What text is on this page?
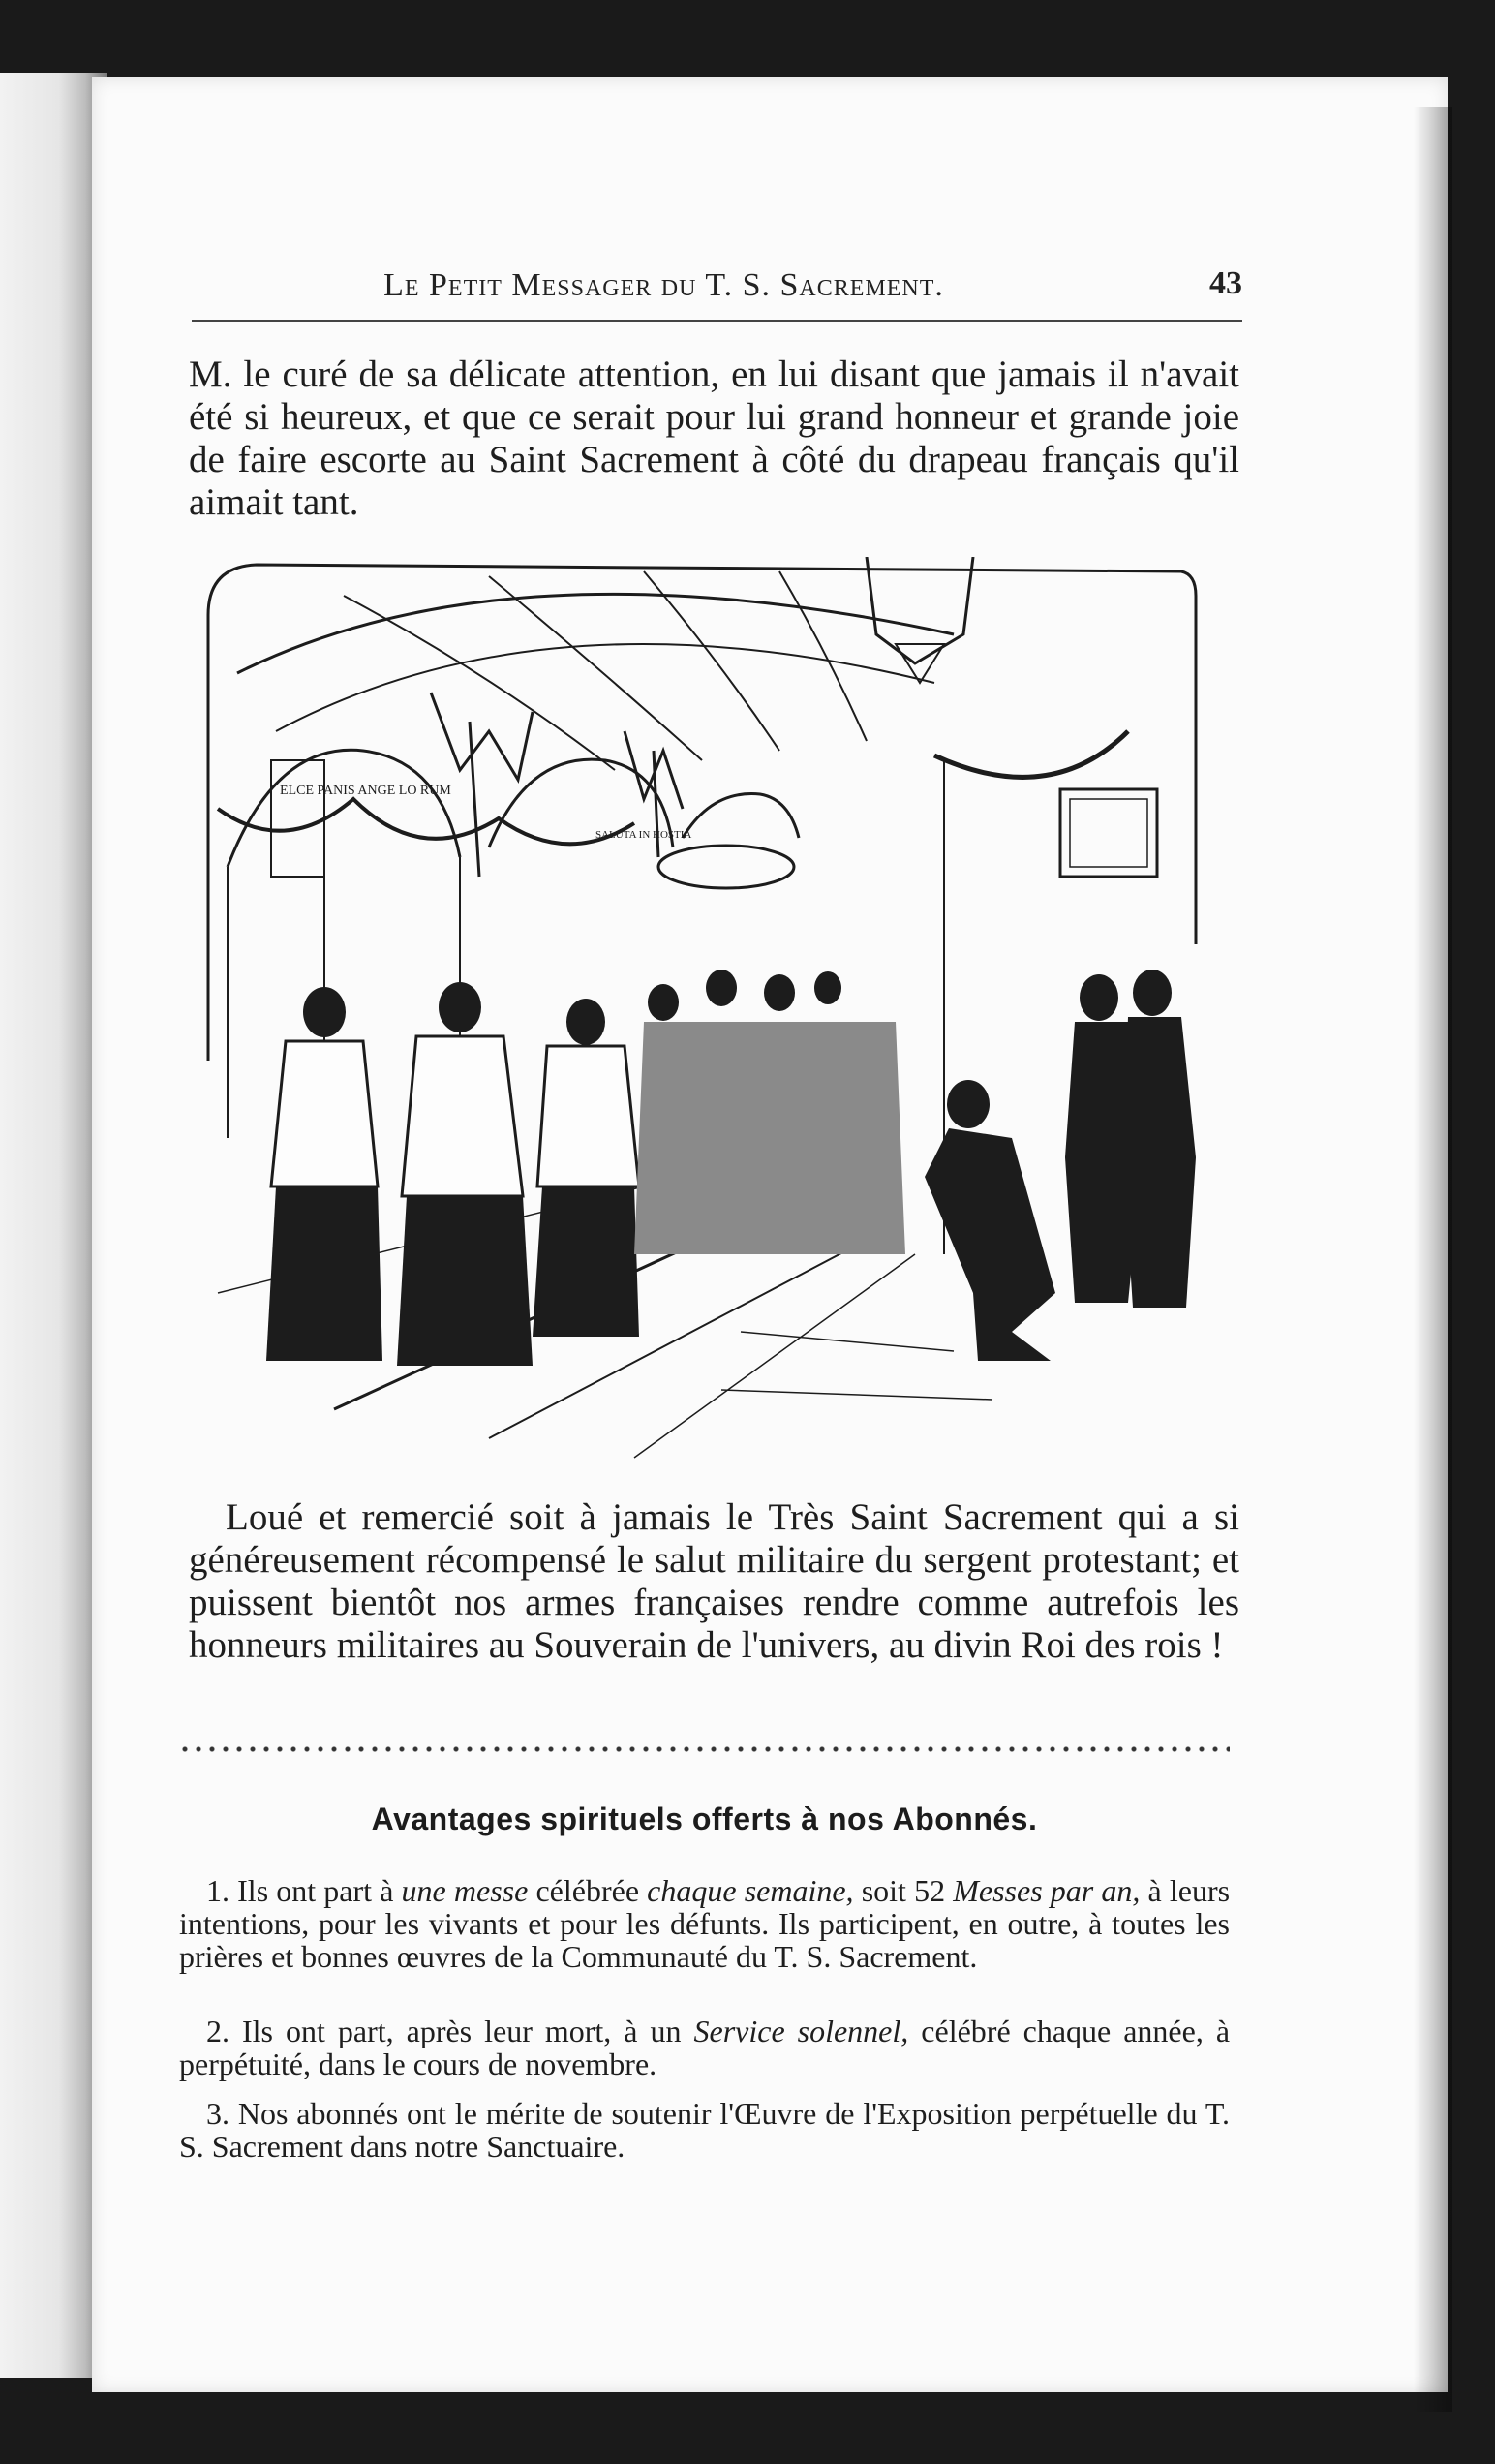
Le Petit Messager du T. S. Sacrement.	43
M. le curé de sa délicate attention, en lui disant que jamais il n'avait été si heureux, et que ce serait pour lui grand honneur et grande joie de faire escorte au Saint Sacrement à côté du drapeau français qu'il aimait tant.
ELCE PANIS ANGE LO RUM
SALUTA IN HOSTIA
Loué et remercié soit à jamais le Très Saint Sacrement qui a si généreusement récompensé le salut militaire du sergent protestant; et puissent bientôt nos armes françaises rendre comme autrefois les honneurs militaires au Souverain de l'univers, au divin Roi des rois !
Avantages spirituels offerts à nos Abonnés.
1. Ils ont part à une messe célébrée chaque semaine, soit 52 Messes par an, à leurs intentions, pour les vivants et pour les défunts. Ils participent, en outre, à toutes les prières et bonnes œuvres de la Communauté du T. S. Sacrement.
2. Ils ont part, après leur mort, à un Service solennel, célébré chaque année, à perpétuité, dans le cours de novembre.
3. Nos abonnés ont le mérite de soutenir l'Œuvre de l'Exposition perpétuelle du T. S. Sacrement dans notre Sanctuaire.
